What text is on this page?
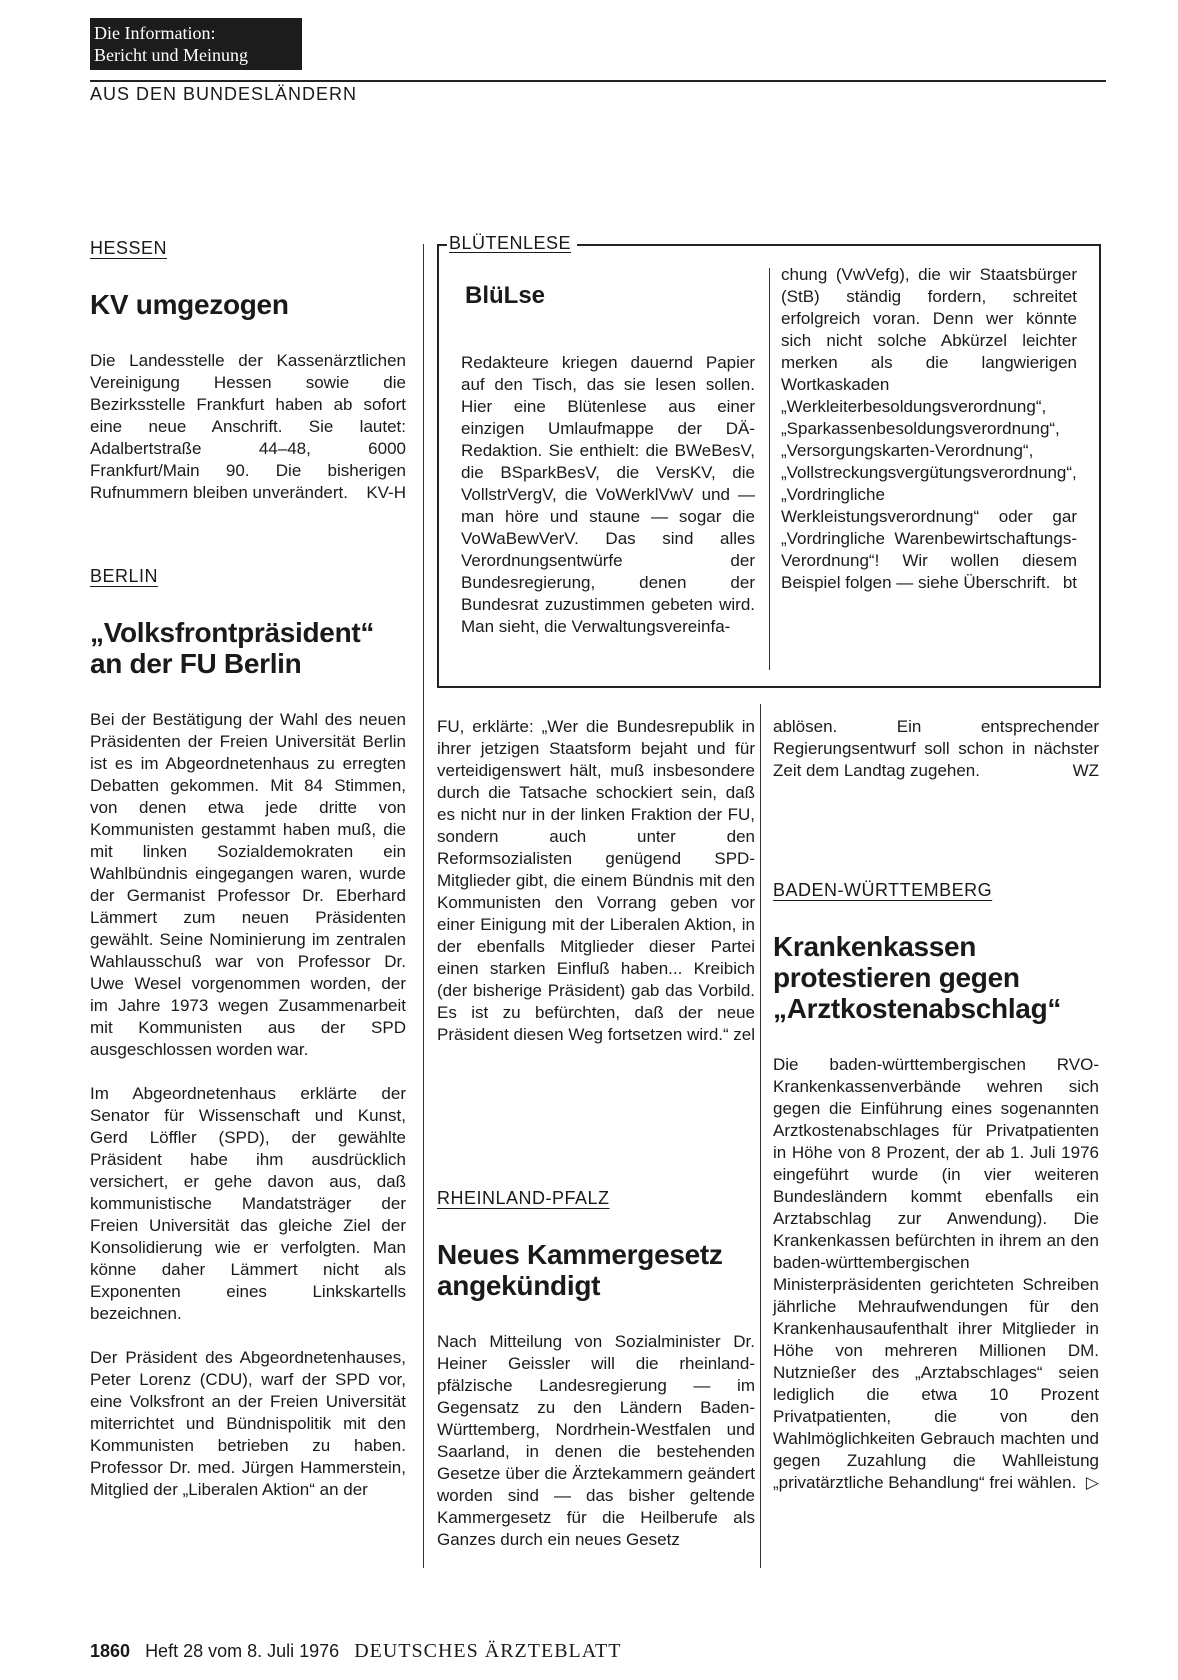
Die Information:
Bericht und Meinung
AUS DEN BUNDESLÄNDERN
HESSEN
KV umgezogen

Die Landesstelle der Kassenärztlichen Vereinigung Hessen sowie die Bezirksstelle Frankfurt haben ab sofort eine neue Anschrift. Sie lautet: Adalbertstraße 44–48, 6000 Frankfurt/Main 90. Die bisherigen Rufnummern bleiben unverändert. KV-H

BERLIN
„Volksfrontpräsident“
an der FU Berlin

Bei der Bestätigung der Wahl des neuen Präsidenten der Freien Universität Berlin ist es im Abgeordnetenhaus zu erregten Debatten gekommen. Mit 84 Stimmen, von denen etwa jede dritte von Kommunisten gestammt haben muß, die mit linken Sozialdemokraten ein Wahlbündnis eingegangen waren, wurde der Germanist Professor Dr. Eberhard Lämmert zum neuen Präsidenten gewählt. Seine Nominierung im zentralen Wahlausschuß war von Professor Dr. Uwe Wesel vorgenommen worden, der im Jahre 1973 wegen Zusammenarbeit mit Kommunisten aus der SPD ausgeschlossen worden war.

Im Abgeordnetenhaus erklärte der Senator für Wissenschaft und Kunst, Gerd Löffler (SPD), der gewählte Präsident habe ihm ausdrücklich versichert, er gehe davon aus, daß kommunistische Mandatsträger der Freien Universität das gleiche Ziel der Konsolidierung wie er verfolgten. Man könne daher Lämmert nicht als Exponenten eines Linkskartells bezeichnen.

Der Präsident des Abgeordnetenhauses, Peter Lorenz (CDU), warf der SPD vor, eine Volksfront an der Freien Universität miterrichtet und Bündnispolitik mit den Kommunisten betrieben zu haben. Professor Dr. med. Jürgen Hammerstein, Mitglied der „Liberalen Aktion“ an der

BLÜTENLESE
BlüLse

Redakteure kriegen dauernd Papier auf den Tisch, das sie lesen sollen. Hier eine Blütenlese aus einer einzigen Umlaufmappe der DÄ-Redaktion. Sie enthielt: die BWeBesV, die BSparkBesV, die VersKV, die VollstrVergV, die VoWerklVwV und — man höre und staune — sogar die VoWaBewVerV. Das sind alles Verordnungsentwürfe der Bundesregierung, denen der Bundesrat zuzustimmen gebeten wird. Man sieht, die Verwaltungsvereinfa-

chung (VwVefg), die wir Staatsbürger (StB) ständig fordern, schreitet erfolgreich voran. Denn wer könnte sich nicht solche Abkürzel leichter merken als die langwierigen Wortkaskaden „Werkleiterbesoldungsverordnung“, „Sparkassenbesoldungsverordnung“, „Versorgungskarten-Verordnung“, „Vollstreckungsvergütungsverordnung“, „Vordringliche Werkleistungsverordnung“ oder gar „Vordringliche Warenbewirtschaftungs-Verordnung“! Wir wollen diesem Beispiel folgen — siehe Überschrift. bt

FU, erklärte: „Wer die Bundesrepublik in ihrer jetzigen Staatsform bejaht und für verteidigenswert hält, muß insbesondere durch die Tatsache schockiert sein, daß es nicht nur in der linken Fraktion der FU, sondern auch unter den Reformsozialisten genügend SPD-Mitglieder gibt, die einem Bündnis mit den Kommunisten den Vorrang geben vor einer Einigung mit der Liberalen Aktion, in der ebenfalls Mitglieder dieser Partei einen starken Einfluß haben... Kreibich (der bisherige Präsident) gab das Vorbild. Es ist zu befürchten, daß der neue Präsident diesen Weg fortsetzen wird.“ zel

RHEINLAND-PFALZ
Neues Kammergesetz
angekündigt

Nach Mitteilung von Sozialminister Dr. Heiner Geissler will die rheinland-pfälzische Landesregierung — im Gegensatz zu den Ländern Baden-Württemberg, Nordrhein-Westfalen und Saarland, in denen die bestehenden Gesetze über die Ärztekammern geändert worden sind — das bisher geltende Kammergesetz für die Heilberufe als Ganzes durch ein neues Gesetz

ablösen. Ein entsprechender Regierungsentwurf soll schon in nächster Zeit dem Landtag zugehen.	WZ

BADEN-WÜRTTEMBERG
Krankenkassen
protestieren gegen
„Arztkostenabschlag“

Die baden-württembergischen RVO-Krankenkassenverbände wehren sich gegen die Einführung eines sogenannten Arztkostenabschlages für Privatpatienten in Höhe von 8 Prozent, der ab 1. Juli 1976 eingeführt wurde (in vier weiteren Bundesländern kommt ebenfalls ein Arztabschlag zur Anwendung). Die Krankenkassen befürchten in ihrem an den baden-württembergischen Ministerpräsidenten gerichteten Schreiben jährliche Mehraufwendungen für den Krankenhausaufenthalt ihrer Mitglieder in Höhe von mehreren Millionen DM. Nutznießer des „Arztabschlages“ seien lediglich die etwa 10 Prozent Privatpatienten, die von den Wahlmöglichkeiten Gebrauch machten und gegen Zuzahlung die Wahlleistung „privatärztliche Behandlung“ frei wählen. ▷

1860 Heft 28 vom 8. Juli 1976 DEUTSCHES ÄRZTEBLATT
